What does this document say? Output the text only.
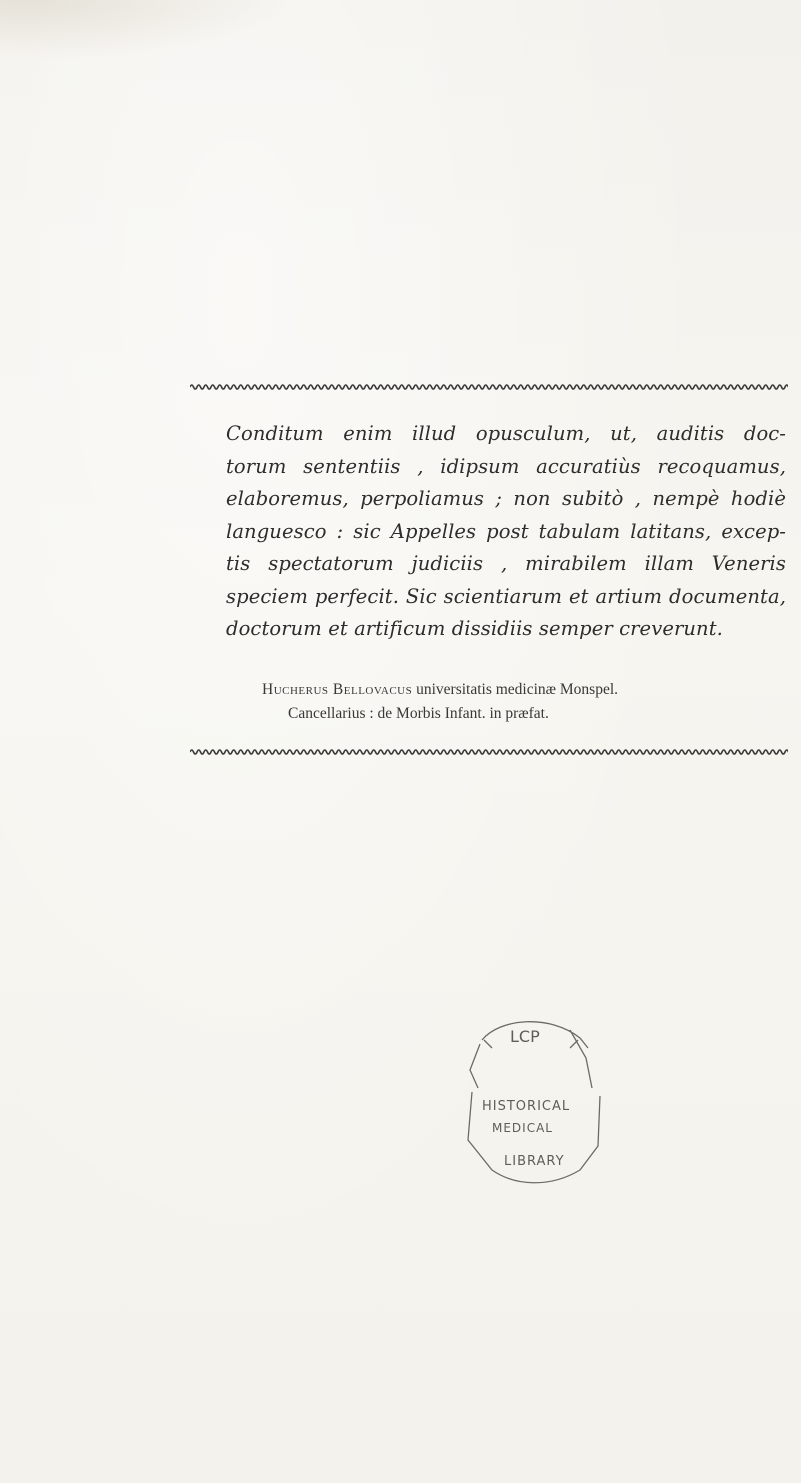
Conditum enim illud opusculum, ut, auditis doc-
torum sententiis , idipsum accuratiùs recoquamus,
elaboremus, perpoliamus ; non subitò , nempè hodiè
languesco : sic Appelles post tabulam latitans, excep-
tis spectatorum judiciis , mirabilem illam Veneris
speciem perfecit. Sic scientiarum et artium documenta,
doctorum et artificum dissidiis semper creverunt.
Hucherus Bellovacus universitatis medicinæ Monspel.
Cancellarius : de Morbis Infant. in præfat.
LCP
HISTORICAL
MEDICAL
LIBRARY
